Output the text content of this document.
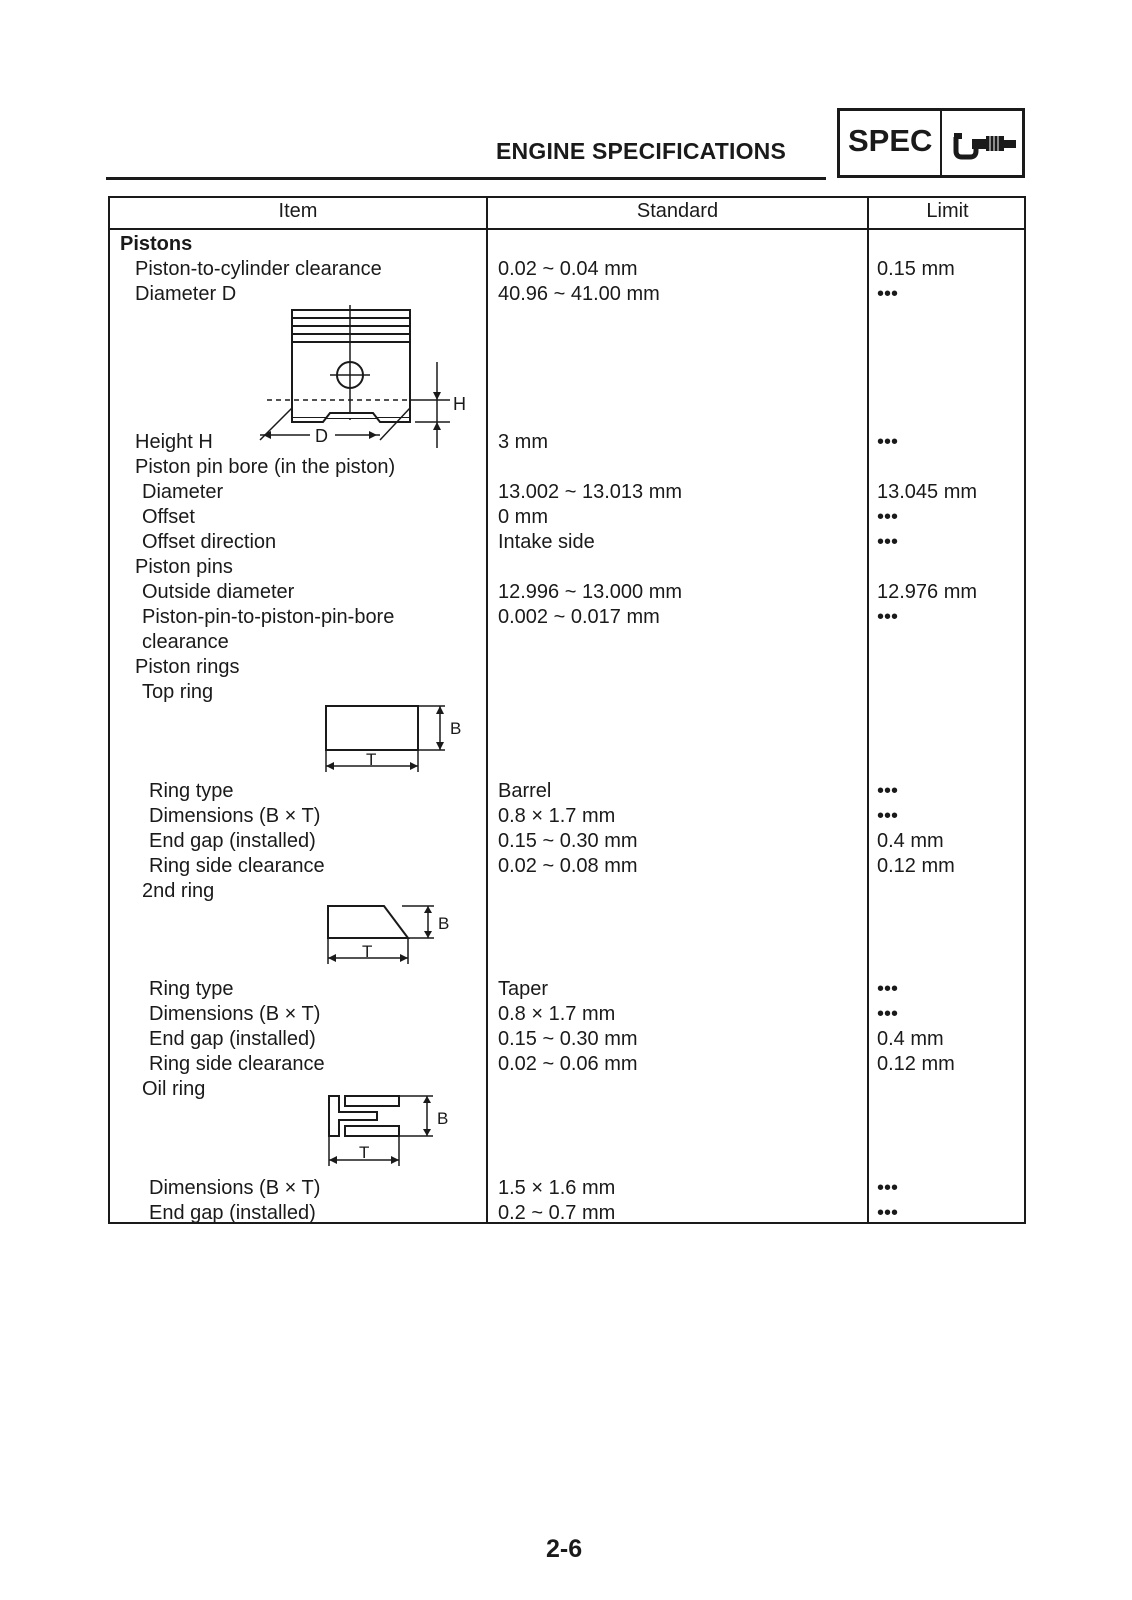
ENGINE SPECIFICATIONS SPEC
Item	Standard	Limit
Pistons
Piston-to-cylinder clearance	0.02 ~ 0.04 mm	0.15 mm
Diameter D	40.96 ~ 41.00 mm	•••
D
H
Height H	3 mm	•••
Piston pin bore (in the piston)
Diameter	13.002 ~ 13.013 mm	13.045 mm
Offset	0 mm	•••
Offset direction	Intake side	•••
Piston pins
Outside diameter	12.996 ~ 13.000 mm	12.976 mm
Piston-pin-to-piston-pin-bore	0.002 ~ 0.017 mm	•••
clearance
Piston rings
Top ring
B
T
Ring type	Barrel	•••
Dimensions (B × T)	0.8 × 1.7 mm	•••
End gap (installed)	0.15 ~ 0.30 mm	0.4 mm
Ring side clearance	0.02 ~ 0.08 mm	0.12 mm
2nd ring
B
T
Ring type	Taper	•••
Dimensions (B × T)	0.8 × 1.7 mm	•••
End gap (installed)	0.15 ~ 0.30 mm	0.4 mm
Ring side clearance	0.02 ~ 0.06 mm	0.12 mm
Oil ring
B
T
Dimensions (B × T)	1.5 × 1.6 mm	•••
End gap (installed)	0.2 ~ 0.7 mm	•••
2-6
